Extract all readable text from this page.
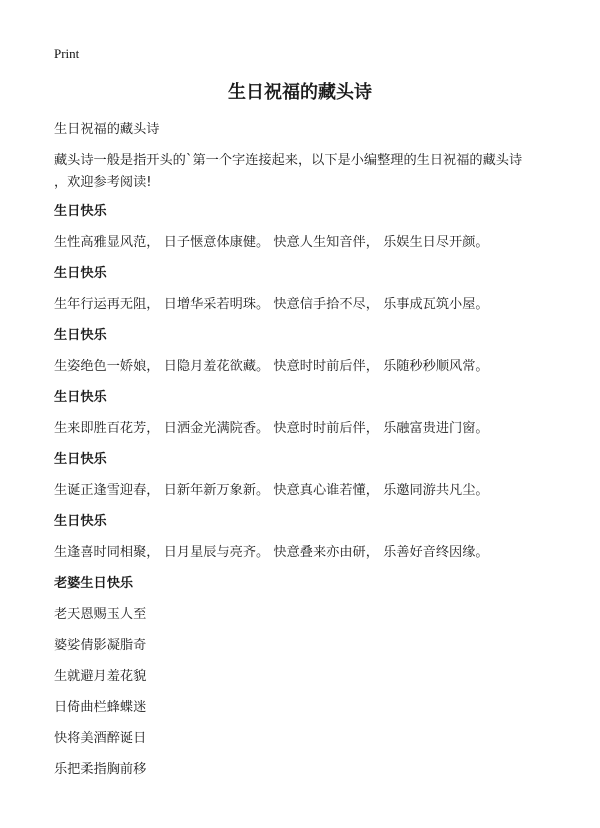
Print
生日祝福的藏头诗
生日祝福的藏头诗
藏头诗一般是指开头的`第一个字连接起来，以下是小编整理的生日祝福的藏头诗
，欢迎参考阅读!
生日快乐
生性高雅显风范， 日子惬意体康健。 快意人生知音伴， 乐娱生日尽开颜。
生日快乐
生年行运再无阻， 日增华采若明珠。 快意信手拾不尽， 乐事成瓦筑小屋。
生日快乐
生姿绝色一娇娘， 日隐月羞花欲藏。 快意时时前后伴， 乐随秒秒顺风常。
生日快乐
生来即胜百花芳， 日洒金光满院香。 快意时时前后伴， 乐融富贵进门窗。
生日快乐
生诞正逢雪迎春， 日新年新万象新。 快意真心谁若懂， 乐邀同游共凡尘。
生日快乐
生逢喜时同相聚， 日月星辰与亮齐。 快意叠来亦由研， 乐善好音终因缘。
老婆生日快乐
老天恩赐玉人至
婆娑倩影凝脂奇
生就避月羞花貌
日倚曲栏蜂蝶迷
快将美酒醉诞日
乐把柔指胸前移
